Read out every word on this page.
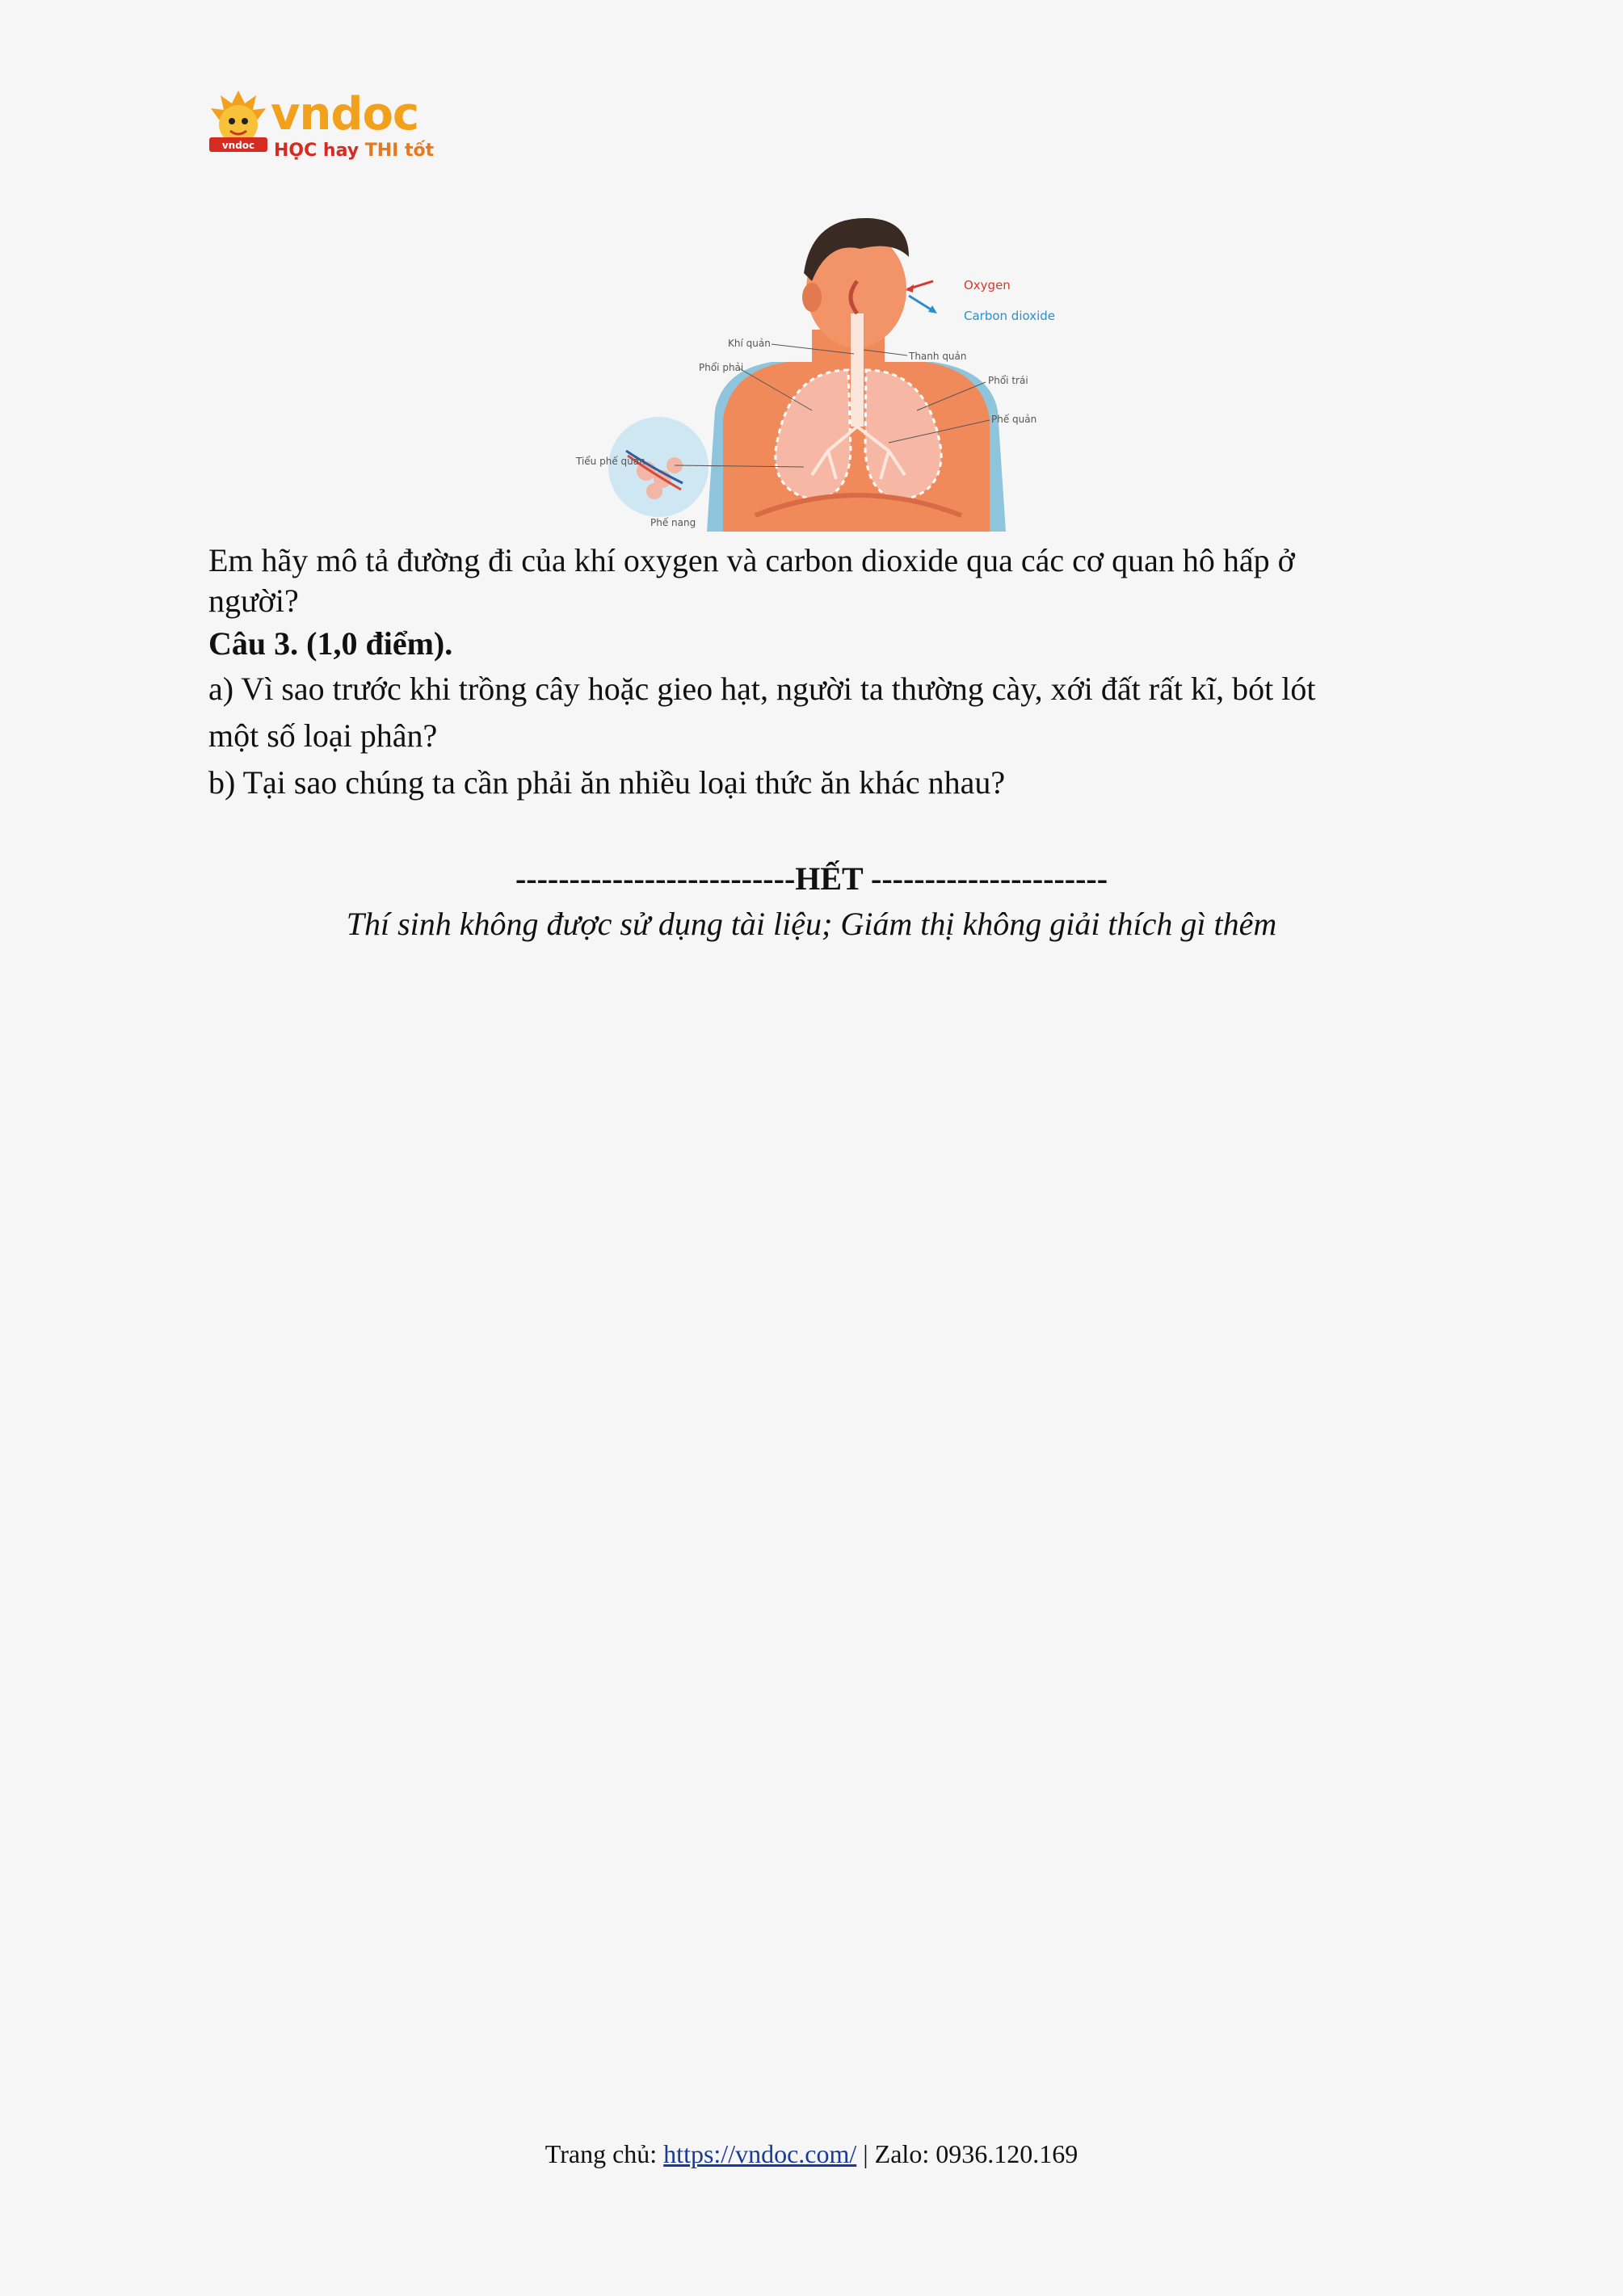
vndoc
vndoc
HỌC hay THI tốt
Oxygen
Carbon dioxide
Khí quản
Phổi phải
Thanh quản
Phổi trái
Phế quản
Tiểu phế quản
Phế nang
Em hãy mô tả đường đi của khí oxygen và carbon dioxide qua các cơ quan hô hấp ở
người?
Câu 3. (1,0 điểm).
a) Vì sao trước khi trồng cây hoặc gieo hạt, người ta thường cày, xới đất rất kĩ, bót lót
một số loại phân?
b) Tại sao chúng ta cần phải ăn nhiều loại thức ăn khác nhau?
--------------------------HẾT ----------------------
Thí sinh không được sử dụng tài liệu; Giám thị không giải thích gì thêm
Trang chủ: https://vndoc.com/ | Zalo: 0936.120.169
